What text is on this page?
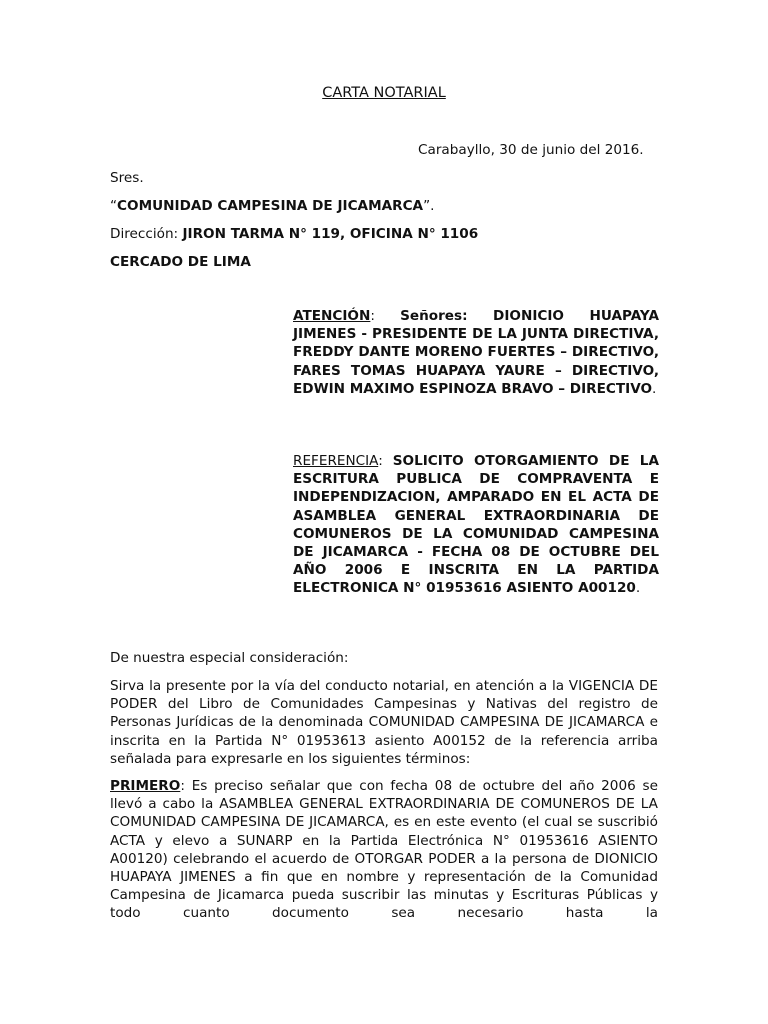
CARTA NOTARIAL
Carabayllo, 30 de junio del 2016.
Sres.
“COMUNIDAD CAMPESINA DE JICAMARCA”.
Dirección: JIRON TARMA N° 119, OFICINA N° 1106
CERCADO DE LIMA
ATENCIÓN: Señores: DIONICIO HUAPAYA JIMENES - PRESIDENTE DE LA JUNTA DIRECTIVA, FREDDY DANTE MORENO FUERTES – DIRECTIVO, FARES TOMAS HUAPAYA YAURE – DIRECTIVO, EDWIN MAXIMO ESPINOZA BRAVO – DIRECTIVO.
REFERENCIA: SOLICITO OTORGAMIENTO DE LA ESCRITURA PUBLICA DE COMPRAVENTA E INDEPENDIZACION, AMPARADO EN EL ACTA DE ASAMBLEA GENERAL EXTRAORDINARIA DE COMUNEROS DE LA COMUNIDAD CAMPESINA DE JICAMARCA - FECHA 08 DE OCTUBRE DEL AÑO 2006 E INSCRITA EN LA PARTIDA ELECTRONICA N° 01953616 ASIENTO A00120.
De nuestra especial consideración:
Sirva la presente por la vía del conducto notarial, en atención a la VIGENCIA DE PODER del Libro de Comunidades Campesinas y Nativas del registro de Personas Jurídicas de la denominada COMUNIDAD CAMPESINA DE JICAMARCA e inscrita en la Partida N° 01953613 asiento A00152 de la referencia arriba señalada para expresarle en los siguientes términos:
PRIMERO: Es preciso señalar que con fecha 08 de octubre del año 2006 se llevó a cabo la ASAMBLEA GENERAL EXTRAORDINARIA DE COMUNEROS DE LA COMUNIDAD CAMPESINA DE JICAMARCA, es en este evento (el cual se suscribió ACTA y elevo a SUNARP en la Partida Electrónica N° 01953616 ASIENTO A00120) celebrando el acuerdo de OTORGAR PODER a la persona de DIONICIO HUAPAYA JIMENES a fin que en nombre y representación de la Comunidad Campesina de Jicamarca pueda suscribir las minutas y Escrituras Públicas y todo cuanto documento sea necesario hasta la
